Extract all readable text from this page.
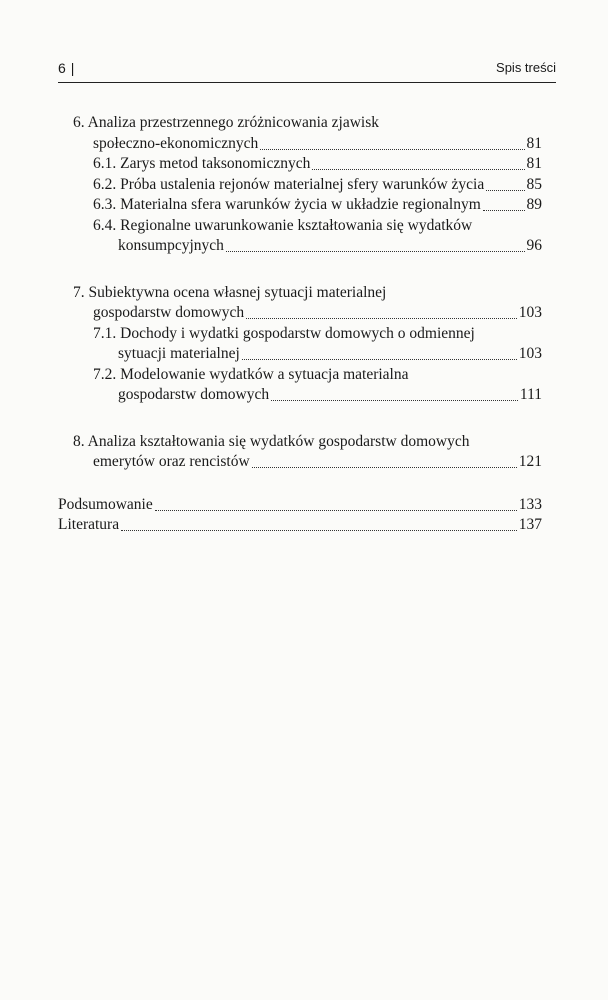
6 |	Spis treści
6. Analiza przestrzennego zróżnicowania zjawisk
społeczno-ekonomicznych	81
6.1. Zarys metod taksonomicznych	81
6.2. Próba ustalenia rejonów materialnej sfery warunków życia	85
6.3. Materialna sfera warunków życia w układzie regionalnym	89
6.4. Regionalne uwarunkowanie kształtowania się wydatków
konsumpcyjnych	96
7. Subiektywna ocena własnej sytuacji materialnej
gospodarstw domowych	103
7.1. Dochody i wydatki gospodarstw domowych o odmiennej
sytuacji materialnej	103
7.2. Modelowanie wydatków a sytuacja materialna
gospodarstw domowych	111
8. Analiza kształtowania się wydatków gospodarstw domowych
emerytów oraz rencistów	121
Podsumowanie	133
Literatura	137
